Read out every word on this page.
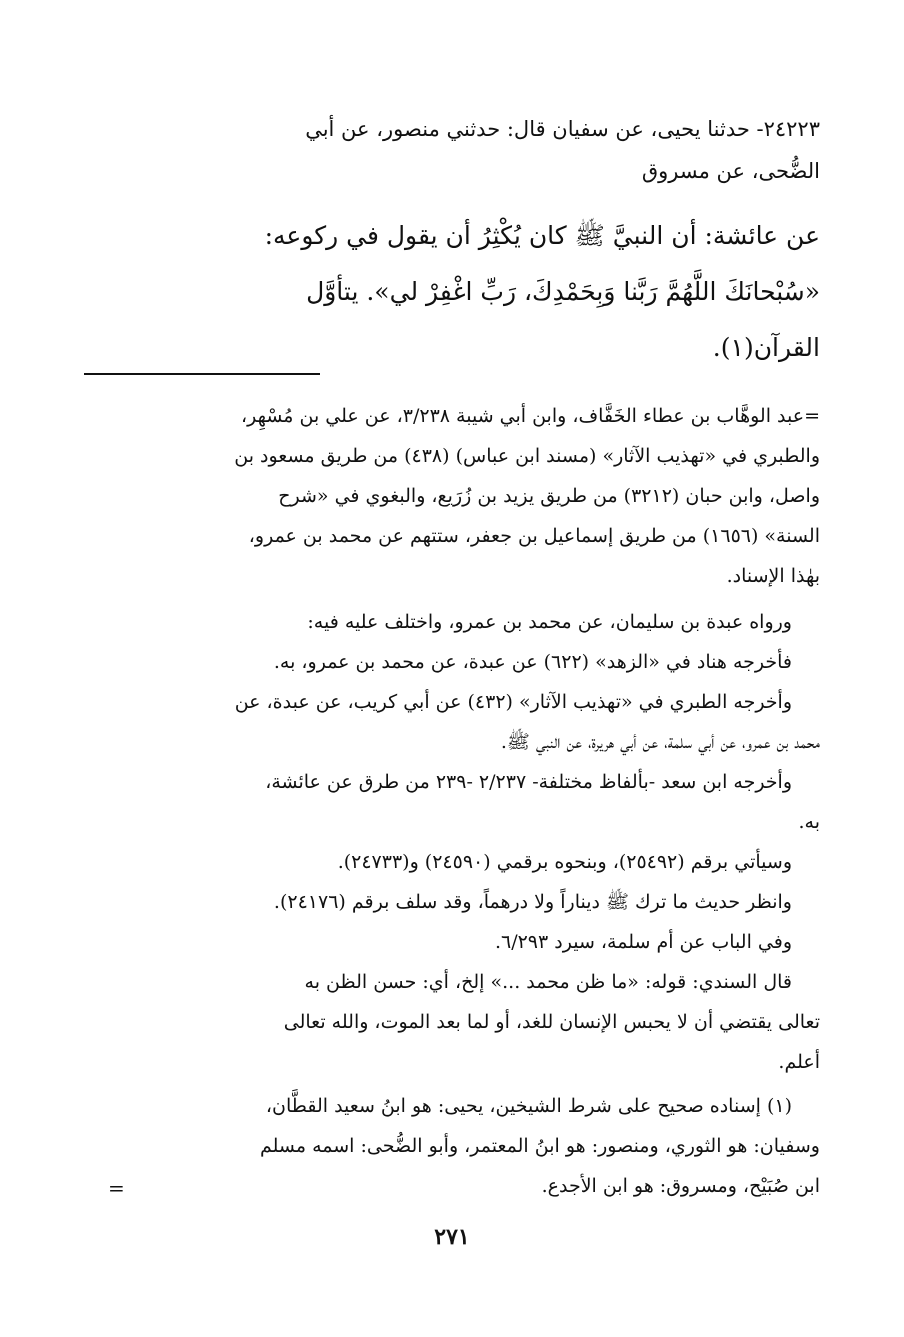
٢٤٢٢٣- حدثنا يحيى، عن سفيان قال: حدثني منصور، عن أبي
الضُّحى، عن مسروق
عن عائشة: أن النبيَّ ﷺ كان يُكْثِرُ أن يقول في ركوعه:
«سُبْحانَكَ اللَّهُمَّ رَبَّنا وَبِحَمْدِكَ، رَبِّ اغْفِرْ لي». يتأوَّل
القرآن(١).
=عبد الوهَّاب بن عطاء الخَفَّاف، وابن أبي شيبة ٣/٢٣٨، عن علي بن مُسْهِر،
والطبري في «تهذيب الآثار» (مسند ابن عباس) (٤٣٨) من طريق مسعود بن
واصل، وابن حبان (٣٢١٢) من طريق يزيد بن زُرَيع، والبغوي في «شرح
السنة» (١٦٥٦) من طريق إسماعيل بن جعفر، ستتهم عن محمد بن عمرو،
بهٰذا الإسناد.
ورواه عبدة بن سليمان، عن محمد بن عمرو، واختلف عليه فيه:
فأخرجه هناد في «الزهد» (٦٢٢) عن عبدة، عن محمد بن عمرو، به.
وأخرجه الطبري في «تهذيب الآثار» (٤٣٢) عن أبي كريب، عن عبدة، عن
محمد بن عمرو، عن أبي سلمة، عن أبي هريرة، عن النبي ﷺ.
وأخرجه ابن سعد -بألفاظ مختلفة- ٢/٢٣٧ -٢٣٩ من طرق عن عائشة،
به.
وسيأتي برقم (٢٥٤٩٢)، وبنحوه برقمي (٢٤٥٩٠) و(٢٤٧٣٣).
وانظر حديث ما ترك ﷺ ديناراً ولا درهماً، وقد سلف برقم (٢٤١٧٦).
وفي الباب عن أم سلمة، سيرد ٦/٢٩٣.
قال السندي: قوله: «ما ظن محمد ...» إلخ، أي: حسن الظن به
تعالى يقتضي أن لا يحبس الإنسان للغد، أو لما بعد الموت، والله تعالى
أعلم.
(١) إسناده صحيح على شرط الشيخين، يحيى: هو ابنُ سعيد القطَّان،
وسفيان: هو الثوري، ومنصور: هو ابنُ المعتمر، وأبو الضُّحى: اسمه مسلم
ابن صُبَيْح، ومسروق: هو ابن الأجدع.
=
٢٧١
